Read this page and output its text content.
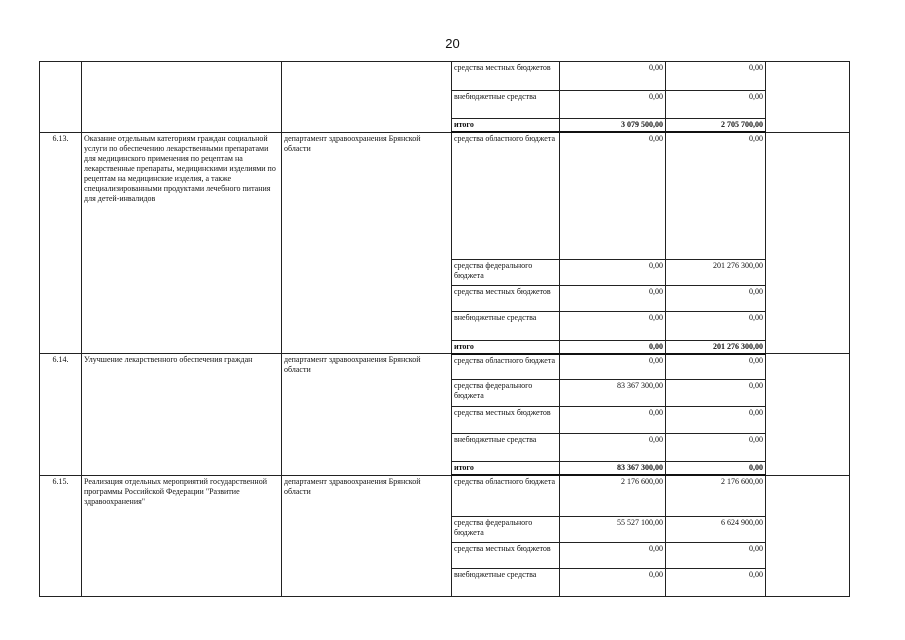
20
			средства местных бюджетов	0,00	0,00	
			внебюджетные средства	0,00	0,00	
			итого	3 079 500,00	2 705 700,00	
6.13.	Оказание отдельным категориям граждан социальной услуги по обеспечению лекарственными препаратами для медицинского применения по рецептам на лекарственные препараты, медицинскими изделиями по рецептам на медицинские изделия, а также специализированными продуктами лечебного питания для детей-инвалидов	департамент здравоохранения Брянской области	средства областного бюджета	0,00	0,00	
			средства федерального бюджета	0,00	201 276 300,00	
			средства местных бюджетов	0,00	0,00	
			внебюджетные средства	0,00	0,00	
			итого	0,00	201 276 300,00	
6.14.	Улучшение лекарственного обеспечения граждан	департамент здравоохранения Брянской области	средства областного бюджета	0,00	0,00	
			средства федерального бюджета	83 367 300,00	0,00	
			средства местных бюджетов	0,00	0,00	
			внебюджетные средства	0,00	0,00	
			итого	83 367 300,00	0,00	
6.15.	Реализация отдельных мероприятий государственной программы Российской Федерации "Развитие здравоохранения"	департамент здравоохранения Брянской области	средства областного бюджета	2 176 600,00	2 176 600,00	
			средства федерального бюджета	55 527 100,00	6 624 900,00	
			средства местных бюджетов	0,00	0,00	
			внебюджетные средства	0,00	0,00	
